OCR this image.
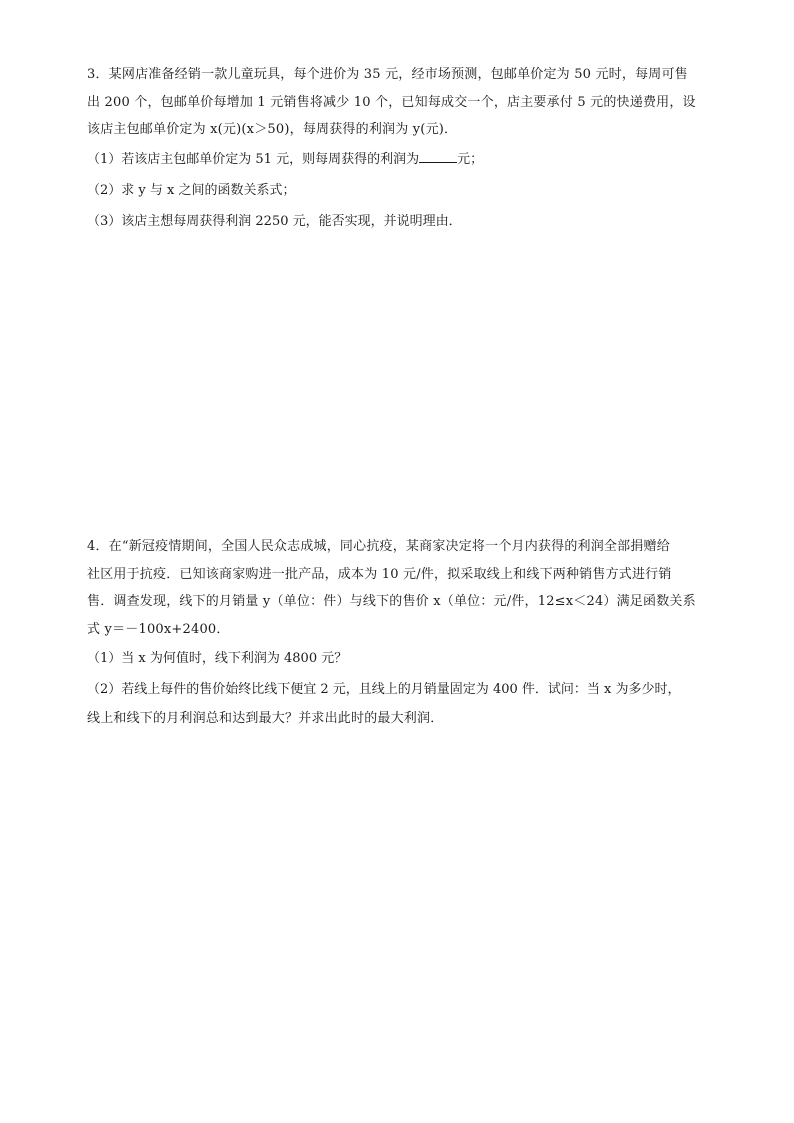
3．某网店准备经销一款儿童玩具，每个进价为 35 元，经市场预测，包邮单价定为 50 元时，每周可售

出 200 个，包邮单价每增加 1 元销售将减少 10 个，已知每成交一个，店主要承付 5 元的快递费用，设

该店主包邮单价定为 x(元)(x＞50)，每周获得的利润为 y(元)．

（1）若该店主包邮单价定为 51 元，则每周获得的利润为	元；

（2）求 y 与 x 之间的函数关系式；

（3）该店主想每周获得利润 2250 元，能否实现，并说明理由．

4．在“新冠疫情期间，全国人民众志成城，同心抗疫，某商家决定将一个月内获得的利润全部捐赠给

社区用于抗疫．已知该商家购进一批产品，成本为 10 元/件，拟采取线上和线下两种销售方式进行销

售．调查发现，线下的月销量 y（单位：件）与线下的售价 x（单位：元/件，12≤x＜24）满足函数关系

式 y＝－100x+2400．

（1）当 x 为何值时，线下利润为 4800 元？

（2）若线上每件的售价始终比线下便宜 2 元，且线上的月销量固定为 400 件．试问：当 x 为多少时，

线上和线下的月利润总和达到最大？并求出此时的最大利润．
